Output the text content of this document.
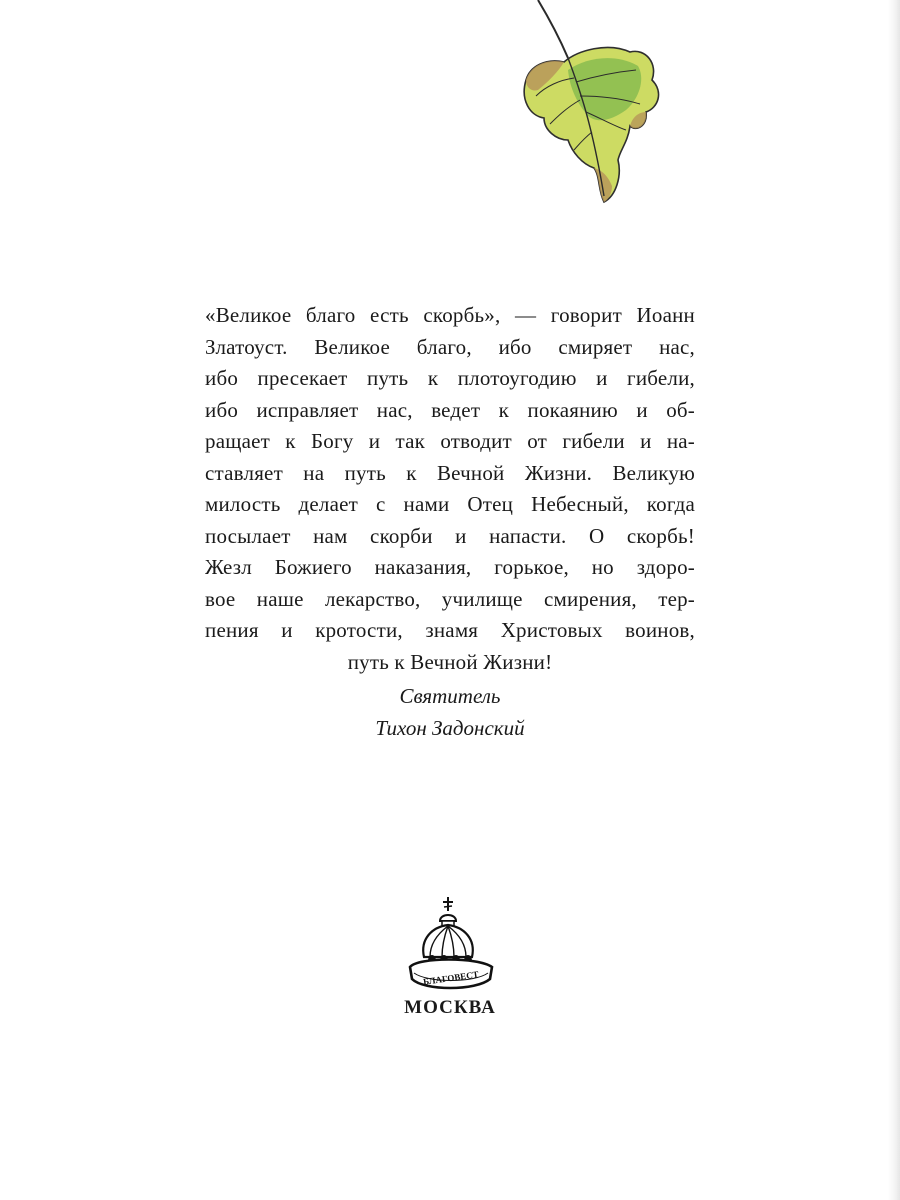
«Великое благо есть скорбь», — говорит Иоанн
Златоуст. Великое благо, ибо смиряет нас,
ибо пресекает путь к плотоугодию и гибели,
ибо исправляет нас, ведет к покаянию и об-
ращает к Богу и так отводит от гибели и на-
ставляет на путь к Вечной Жизни. Великую
милость делает с нами Отец Небесный, когда
посылает нам скорби и напасти. О скорбь!
Жезл Божиего наказания, горькое, но здоро-
вое наше лекарство, училище смирения, тер-
пения и кротости, знамя Христовых воинов,
путь к Вечной Жизни!
Святитель
Тихон Задонский
БЛАГОВЕСТ
МОСКВА
